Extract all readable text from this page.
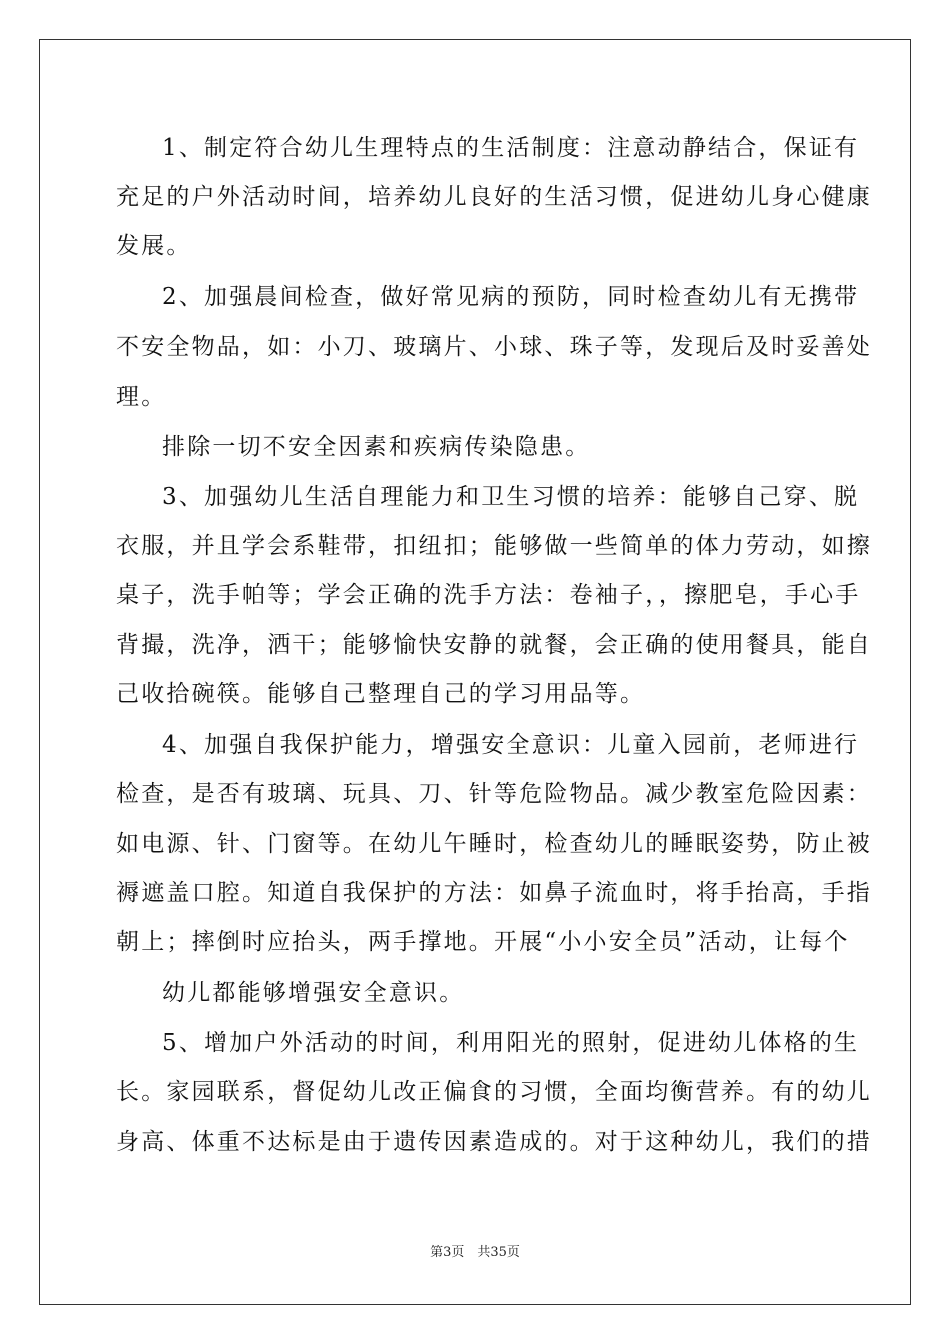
1、制定符合幼儿生理特点的生活制度：注意动静结合，保证有
充足的户外活动时间，培养幼儿良好的生活习惯，促进幼儿身心健康
发展。
2、加强晨间检查，做好常见病的预防，同时检查幼儿有无携带
不安全物品，如：小刀、玻璃片、小球、珠子等，发现后及时妥善处
理。
排除一切不安全因素和疾病传染隐患。
3、加强幼儿生活自理能力和卫生习惯的培养：能够自己穿、脱
衣服，并且学会系鞋带，扣纽扣；能够做一些简单的体力劳动，如擦
桌子，洗手帕等；学会正确的洗手方法：卷袖子，，擦肥皂，手心手
背撮，洗净，洒干；能够愉快安静的就餐，会正确的使用餐具，能自
己收拾碗筷。能够自己整理自己的学习用品等。
4、加强自我保护能力，增强安全意识：儿童入园前，老师进行
检查，是否有玻璃、玩具、刀、针等危险物品。减少教室危险因素：
如电源、针、门窗等。在幼儿午睡时，检查幼儿的睡眠姿势，防止被
褥遮盖口腔。知道自我保护的方法：如鼻子流血时，将手抬高，手指
朝上；摔倒时应抬头，两手撑地。开展“小小安全员”活动，让每个
幼儿都能够增强安全意识。
5、增加户外活动的时间，利用阳光的照射，促进幼儿体格的生
长。家园联系，督促幼儿改正偏食的习惯，全面均衡营养。有的幼儿
身高、体重不达标是由于遗传因素造成的。对于这种幼儿，我们的措
第3页　共35页
